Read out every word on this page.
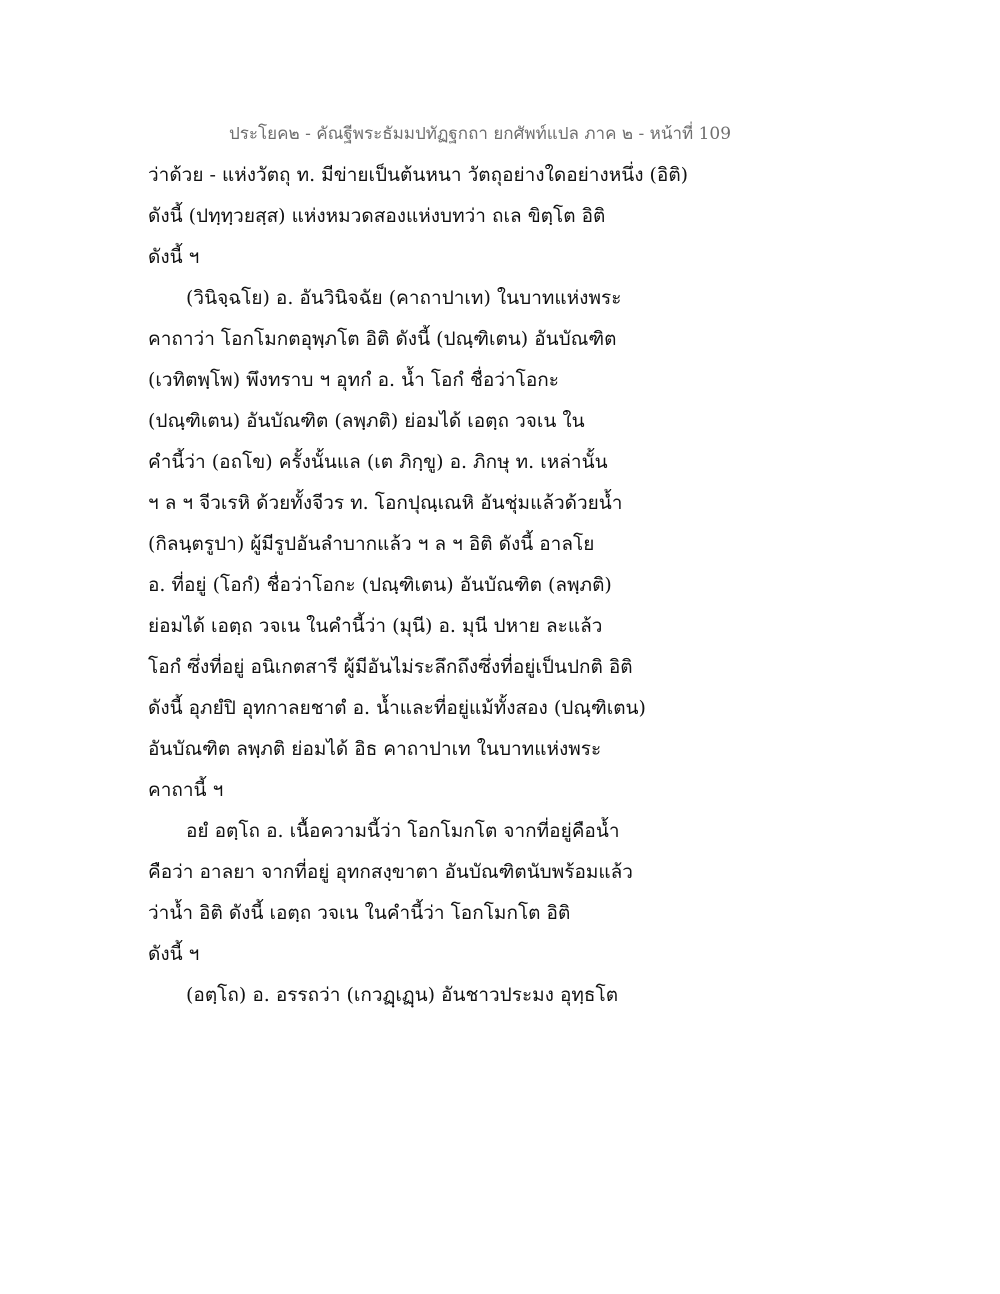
ประโยค๒ - คัณฐีพระธัมมปทัฏฐกถา ยกศัพท์แปล ภาค ๒ - หน้าที่ 109
ว่าด้วย - แห่งวัตถุ ท. มีข่ายเป็นต้นหนา วัตถุอย่างใดอย่างหนึ่ง (อิติ)
ดังนี้ (ปทฺทฺวยสฺส) แห่งหมวดสองแห่งบทว่า ถเล ขิตฺโต อิติ
ดังนี้ ฯ
(วินิจฺฉโย) อ. อันวินิจฉัย (คาถาปาเท) ในบาทแห่งพระ
คาถาว่า โอกโมกตอุพฺภโต อิติ ดังนี้ (ปณฺฑิเตน) อันบัณฑิต
(เวทิตพฺโพ) พึงทราบ ฯ อุทกํ อ. น้ำ โอกํ ชื่อว่าโอกะ
(ปณฺฑิเตน) อันบัณฑิต (ลพฺภติ) ย่อมได้ เอตฺถ วจเน ใน
คำนี้ว่า (อถโข) ครั้งนั้นแล (เต ภิกฺขู) อ. ภิกษุ ท. เหล่านั้น
ฯ ล ฯ จีวเรหิ ด้วยทั้งจีวร ท. โอกปุณฺเณหิ อันชุ่มแล้วด้วยน้ำ
(กิลนฺตรูปา) ผู้มีรูปอันลำบากแล้ว ฯ ล ฯ อิติ ดังนี้ อาลโย
อ. ที่อยู่ (โอกํ) ชื่อว่าโอกะ (ปณฺฑิเตน) อันบัณฑิต (ลพฺภติ)
ย่อมได้ เอตฺถ วจเน ในคำนี้ว่า (มุนี) อ. มุนี ปหาย ละแล้ว
โอกํ ซึ่งที่อยู่ อนิเกตสารี ผู้มีอันไม่ระลึกถึงซึ่งที่อยู่เป็นปกติ อิติ
ดังนี้ อุภยํปิ อุทกาลยชาตํ อ. น้ำและที่อยู่แม้ทั้งสอง (ปณฺฑิเตน)
อันบัณฑิต ลพฺภติ ย่อมได้ อิธ คาถาปาเท ในบาทแห่งพระ
คาถานี้ ฯ
อยํ อตฺโถ อ. เนื้อความนี้ว่า โอกโมกโต จากที่อยู่คือน้ำ
คือว่า อาลยา จากที่อยู่ อุทกสงฺขาตา อันบัณฑิตนับพร้อมแล้ว
ว่าน้ำ อิติ ดังนี้ เอตฺถ วจเน ในคำนี้ว่า โอกโมกโต อิติ
ดังนี้ ฯ
(อตฺโถ) อ. อรรถว่า (เกวฏฺเฏฺน) อันชาวประมง อุทฺธโต
